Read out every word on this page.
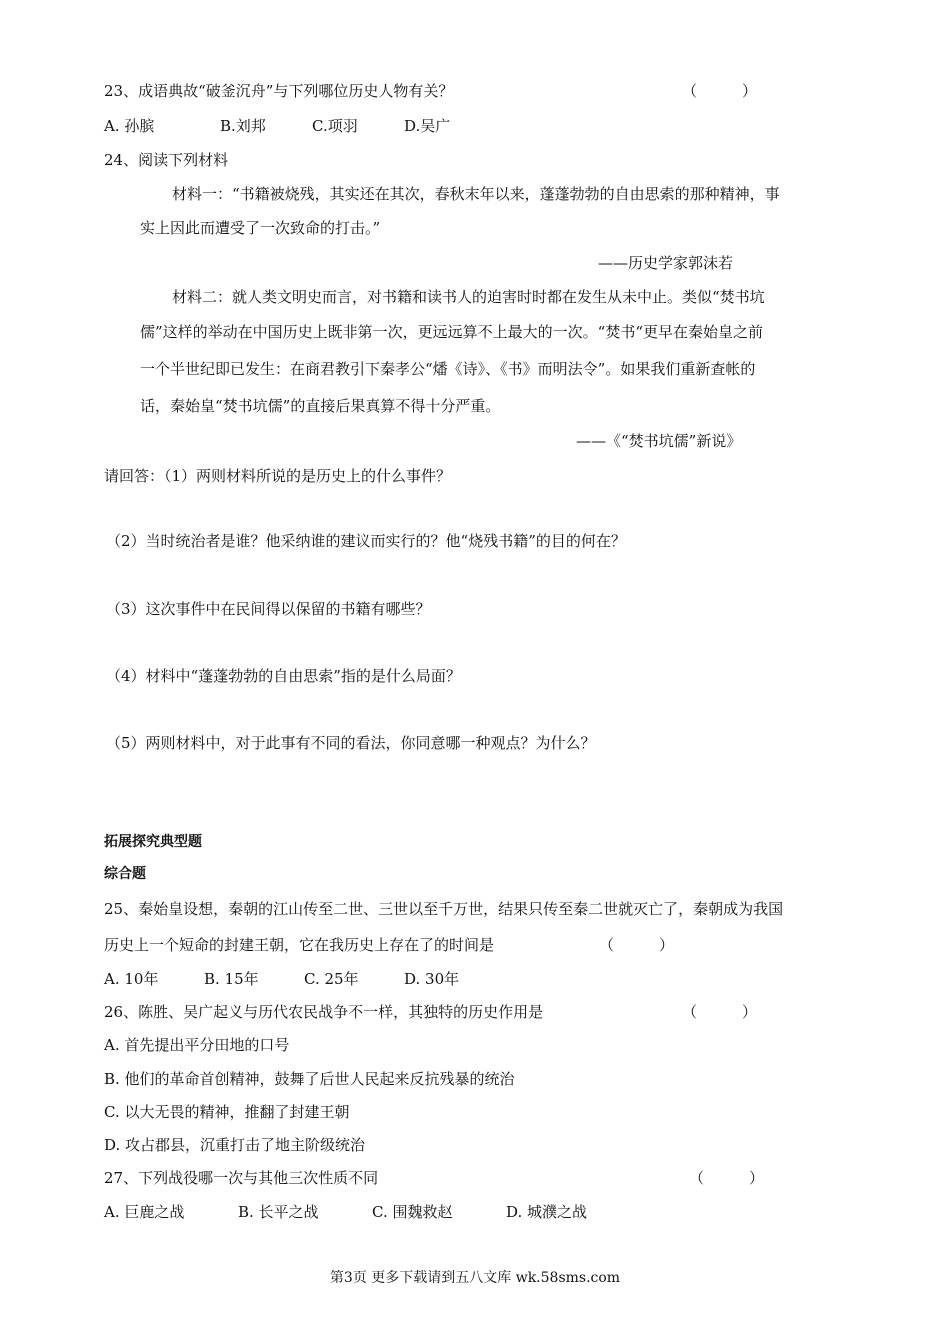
23、成语典故“破釜沉舟”与下列哪位历史人物有关？	（　　　）
A. 孙膑	B.刘邦	C.项羽	D.吴广
24、阅读下列材料
材料一：“书籍被烧残，其实还在其次，春秋末年以来，蓬蓬勃勃的自由思索的那种精神，事
实上因此而遭受了一次致命的打击。”
——历史学家郭沫若
材料二：就人类文明史而言，对书籍和读书人的迫害时时都在发生从未中止。类似“焚书坑
儒”这样的举动在中国历史上既非第一次，更远远算不上最大的一次。“焚书“更早在秦始皇之前
一个半世纪即已发生：在商君教引下秦孝公“燔《诗》、《书》而明法令”。如果我们重新查帐的
话，秦始皇“焚书坑儒”的直接后果真算不得十分严重。
——《“焚书坑儒”新说》
请回答：（1）两则材料所说的是历史上的什么事件？
（2）当时统治者是谁？他采纳谁的建议而实行的？他“烧残书籍”的目的何在？
（3）这次事件中在民间得以保留的书籍有哪些？
（4）材料中“蓬蓬勃勃的自由思索”指的是什么局面？
（5）两则材料中，对于此事有不同的看法，你同意哪一种观点？为什么？
拓展探究典型题
综合题
25、秦始皇设想，秦朝的江山传至二世、三世以至千万世，结果只传至秦二世就灭亡了，秦朝成为我国
历史上一个短命的封建王朝，它在我历史上存在了的时间是	（　　　）
A. 10年	B. 15年	C. 25年	D. 30年
26、陈胜、吴广起义与历代农民战争不一样，其独特的历史作用是	（　　　）
A. 首先提出平分田地的口号
B. 他们的革命首创精神，鼓舞了后世人民起来反抗残暴的统治
C. 以大无畏的精神，推翻了封建王朝
D. 攻占郡县，沉重打击了地主阶级统治
27、下列战役哪一次与其他三次性质不同	（　　　）
A. 巨鹿之战	B. 长平之战	C. 围魏救赵	D. 城濮之战
第3页 更多下载请到五八文库 wk.58sms.com
